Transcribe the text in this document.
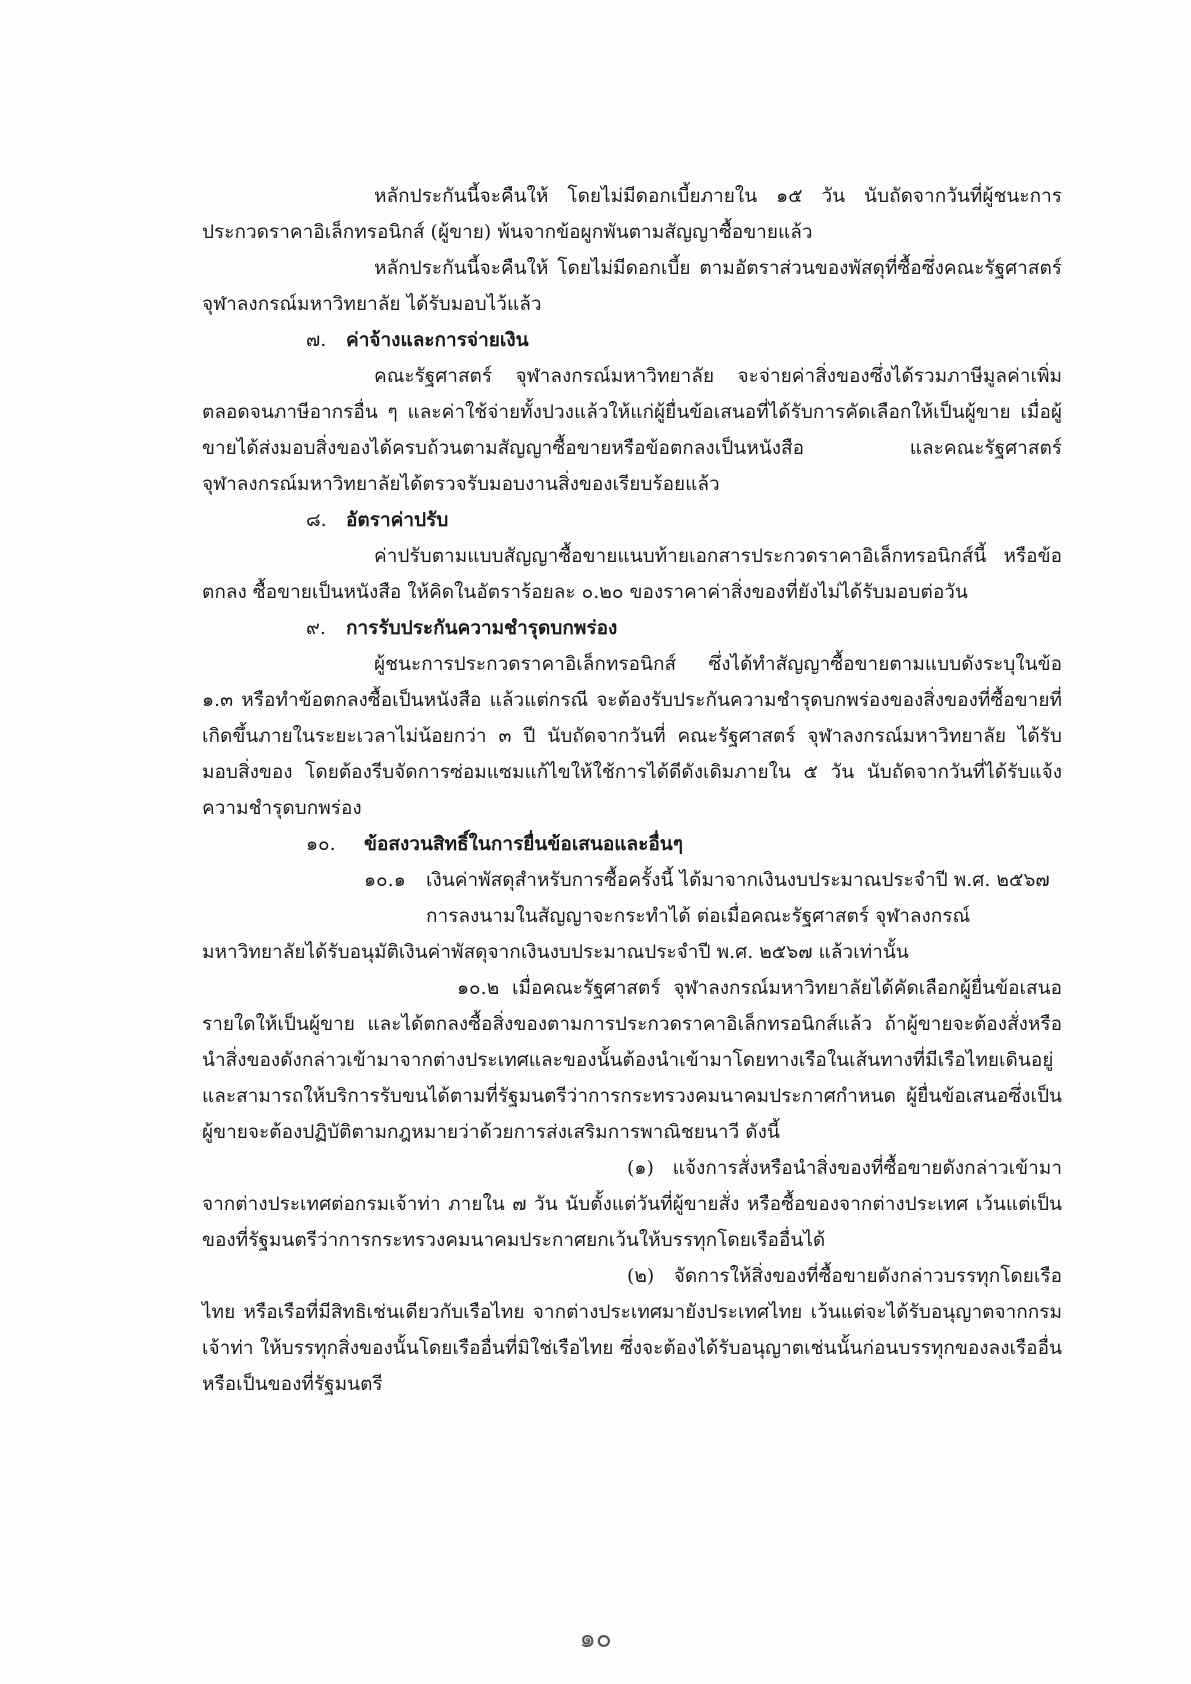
หลักประกันนี้จะคืนให้ โดยไม่มีดอกเบี้ยภายใน ๑๕ วัน นับถัดจากวันที่ผู้ชนะการประกวดราคาอิเล็กทรอนิกส์ (ผู้ขาย) พ้นจากข้อผูกพันตามสัญญาซื้อขายแล้ว

หลักประกันนี้จะคืนให้ โดยไม่มีดอกเบี้ย ตามอัตราส่วนของพัสดุที่ซื้อซึ่งคณะรัฐศาสตร์ จุฬาลงกรณ์มหาวิทยาลัย ได้รับมอบไว้แล้ว

๗. ค่าจ้างและการจ่ายเงิน

คณะรัฐศาสตร์ จุฬาลงกรณ์มหาวิทยาลัย จะจ่ายค่าสิ่งของซึ่งได้รวมภาษีมูลค่าเพิ่มตลอดจนภาษีอากรอื่น ๆ และค่าใช้จ่ายทั้งปวงแล้วให้แก่ผู้ยื่นข้อเสนอที่ได้รับการคัดเลือกให้เป็นผู้ขาย เมื่อผู้ขายได้ส่งมอบสิ่งของได้ครบถ้วนตามสัญญาซื้อขายหรือข้อตกลงเป็นหนังสือ และคณะรัฐศาสตร์ จุฬาลงกรณ์มหาวิทยาลัยได้ตรวจรับมอบงานสิ่งของเรียบร้อยแล้ว

๘. อัตราค่าปรับ

ค่าปรับตามแบบสัญญาซื้อขายแนบท้ายเอกสารประกวดราคาอิเล็กทรอนิกส์นี้ หรือข้อตกลง ซื้อขายเป็นหนังสือ ให้คิดในอัตราร้อยละ ๐.๒๐ ของราคาค่าสิ่งของที่ยังไม่ได้รับมอบต่อวัน

๙. การรับประกันความชำรุดบกพร่อง

ผู้ชนะการประกวดราคาอิเล็กทรอนิกส์ ซึ่งได้ทำสัญญาซื้อขายตามแบบดังระบุในข้อ ๑.๓ หรือทำข้อตกลงซื้อเป็นหนังสือ แล้วแต่กรณี จะต้องรับประกันความชำรุดบกพร่องของสิ่งของที่ซื้อขายที่เกิดขึ้นภายในระยะเวลาไม่น้อยกว่า ๓ ปี นับถัดจากวันที่ คณะรัฐศาสตร์ จุฬาลงกรณ์มหาวิทยาลัย ได้รับมอบสิ่งของ โดยต้องรีบจัดการซ่อมแซมแก้ไขให้ใช้การได้ดีดังเดิมภายใน ๕ วัน นับถัดจากวันที่ได้รับแจ้งความชำรุดบกพร่อง

๑๐. ข้อสงวนสิทธิ์ในการยื่นข้อเสนอและอื่นๆ
๑๐.๑ เงินค่าพัสดุสำหรับการซื้อครั้งนี้ ได้มาจากเงินงบประมาณประจำปี พ.ศ. ๒๕๖๗
การลงนามในสัญญาจะกระทำได้ ต่อเมื่อคณะรัฐศาสตร์ จุฬาลงกรณ์

มหาวิทยาลัยได้รับอนุมัติเงินค่าพัสดุจากเงินงบประมาณประจำปี พ.ศ. ๒๕๖๗ แล้วเท่านั้น

๑๐.๒ เมื่อคณะรัฐศาสตร์ จุฬาลงกรณ์มหาวิทยาลัยได้คัดเลือกผู้ยื่นข้อเสนอรายใดให้เป็นผู้ขาย และได้ตกลงซื้อสิ่งของตามการประกวดราคาอิเล็กทรอนิกส์แล้ว ถ้าผู้ขายจะต้องสั่งหรือนำสิ่งของดังกล่าวเข้ามาจากต่างประเทศและของนั้นต้องนำเข้ามาโดยทางเรือในเส้นทางที่มีเรือไทยเดินอยู่ และสามารถให้บริการรับขนได้ตามที่รัฐมนตรีว่าการกระทรวงคมนาคมประกาศกำหนด ผู้ยื่นข้อเสนอซึ่งเป็นผู้ขายจะต้องปฏิบัติตามกฎหมายว่าด้วยการส่งเสริมการพาณิชยนาวี ดังนี้

(๑) แจ้งการสั่งหรือนำสิ่งของที่ซื้อขายดังกล่าวเข้ามาจากต่างประเทศต่อกรมเจ้าท่า ภายใน ๗ วัน นับตั้งแต่วันที่ผู้ขายสั่ง หรือซื้อของจากต่างประเทศ เว้นแต่เป็นของที่รัฐมนตรีว่าการกระทรวงคมนาคมประกาศยกเว้นให้บรรทุกโดยเรืออื่นได้

(๒) จัดการให้สิ่งของที่ซื้อขายดังกล่าวบรรทุกโดยเรือไทย หรือเรือที่มีสิทธิเช่นเดียวกับเรือไทย จากต่างประเทศมายังประเทศไทย เว้นแต่จะได้รับอนุญาตจากกรมเจ้าท่า ให้บรรทุกสิ่งของนั้นโดยเรืออื่นที่มิใช่เรือไทย ซึ่งจะต้องได้รับอนุญาตเช่นนั้นก่อนบรรทุกของลงเรืออื่น หรือเป็นของที่รัฐมนตรี

๑๐
